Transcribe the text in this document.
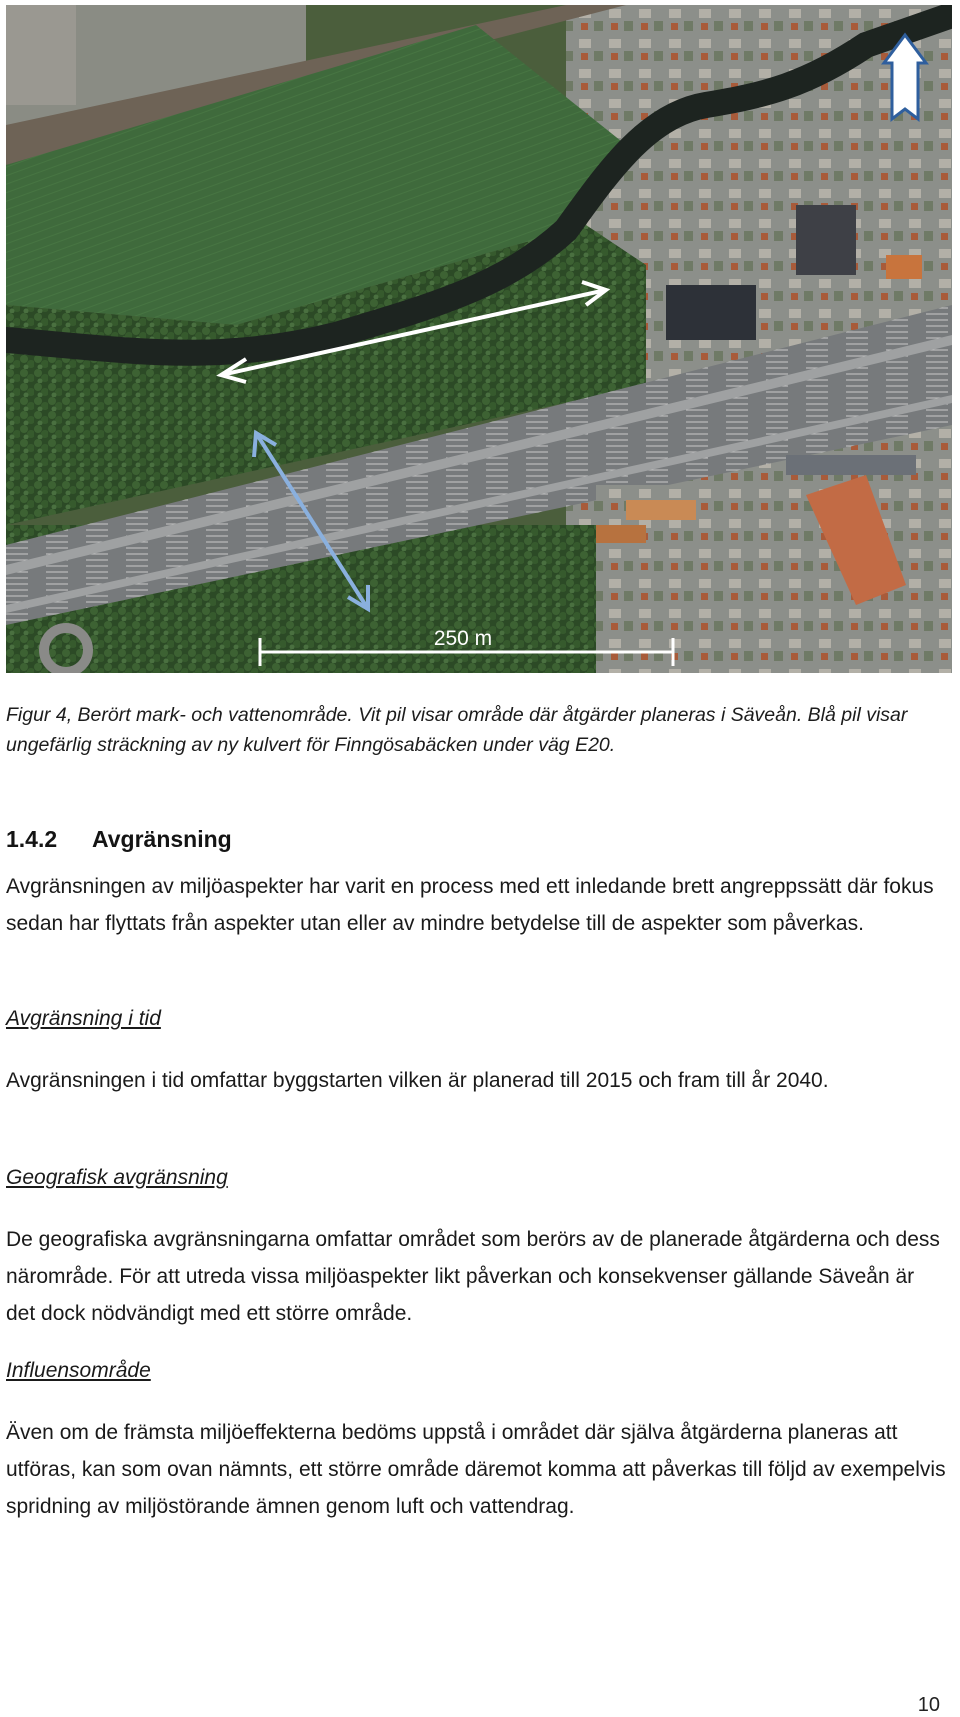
250 m
Figur 4, Berört mark- och vattenområde. Vit pil visar område där åtgärder planeras i Säveån. Blå pil visar ungefärlig sträckning av ny kulvert för Finngösabäcken under väg E20.
1.4.2	Avgränsning
Avgränsningen av miljöaspekter har varit en process med ett inledande brett angreppssätt där fokus sedan har flyttats från aspekter utan eller av mindre betydelse till de aspekter som påverkas.
Avgränsning i tid
Avgränsningen i tid omfattar byggstarten vilken är planerad till 2015 och fram till år 2040.
Geografisk avgränsning
De geografiska avgränsningarna omfattar området som berörs av de planerade åtgärderna och dess närområde. För att utreda vissa miljöaspekter likt påverkan och konsekvenser gällande Säveån är det dock nödvändigt med ett större område.
Influensområde
Även om de främsta miljöeffekterna bedöms uppstå i området där själva åtgärderna planeras att utföras, kan som ovan nämnts, ett större område däremot komma att påverkas till följd av exempelvis spridning av miljöstörande ämnen genom luft och vattendrag.
10
